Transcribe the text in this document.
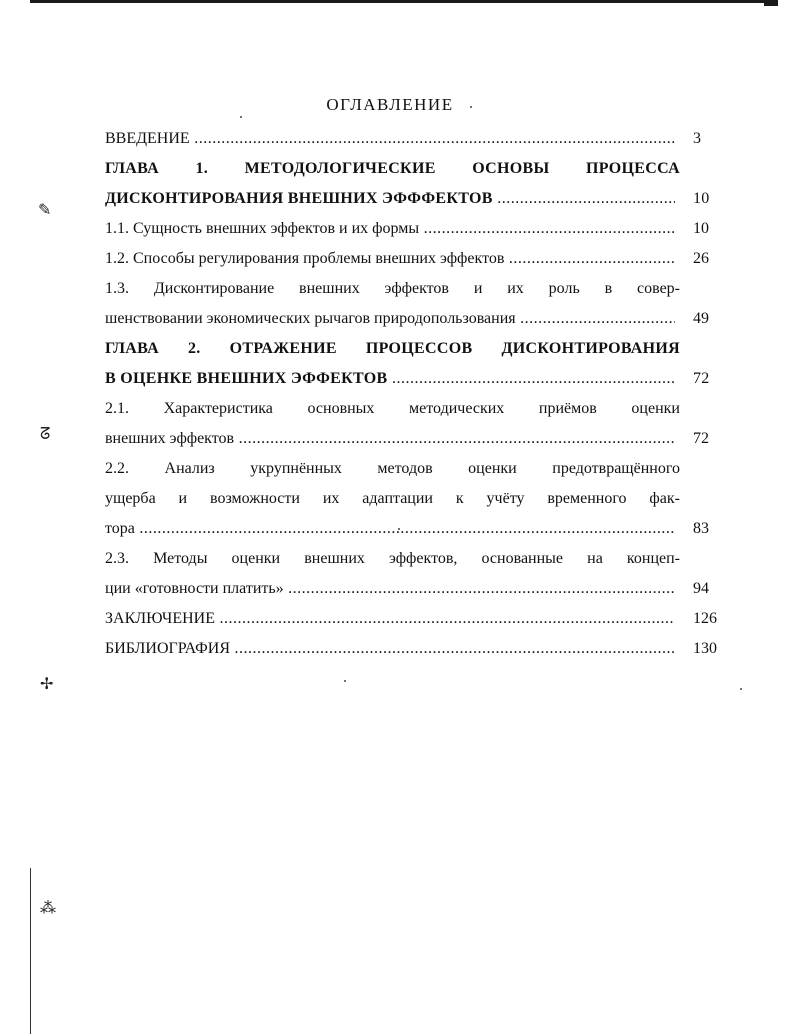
✎
ᘔ
✢
⁂
ОГЛАВЛЕНИЕ
ВВЕДЕНИЕ .....	3
ГЛАВА 1. МЕТОДОЛОГИЧЕСКИЕ ОСНОВЫ ПРОЦЕССА
ДИСКОНТИРОВАНИЯ ВНЕШНИХ ЭФФФЕКТОВ .....	10
1.1. Сущность внешних эффектов и их формы .....	10
1.2. Способы регулирования проблемы внешних эффектов .....	26
1.3. Дисконтирование внешних эффектов и их роль в совер-
шенствовании экономических рычагов природопользования .....	49
ГЛАВА 2. ОТРАЖЕНИЕ ПРОЦЕССОВ ДИСКОНТИРОВАНИЯ
В ОЦЕНКЕ ВНЕШНИХ ЭФФЕКТОВ .....	72
2.1. Характеристика основных методических приёмов оценки
внешних эффектов .....	72
2.2. Анализ укрупнённых методов оценки предотвращённого
ущерба и возможности их адаптации к учёту временного фак-
тора .....	83
2.3. Методы оценки внешних эффектов, основанные на концеп-
ции «готовности платить» .....	94
ЗАКЛЮЧЕНИЕ .....	126
БИБЛИОГРАФИЯ .....	130
